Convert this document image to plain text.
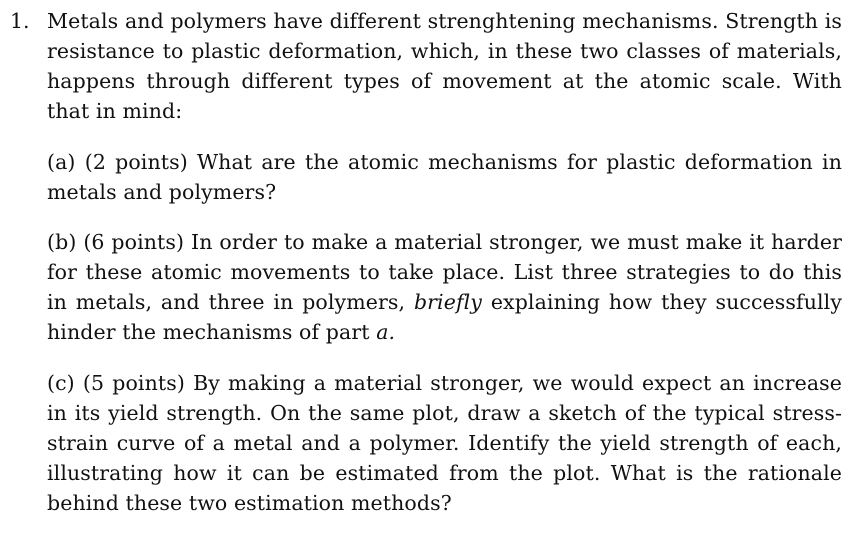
1. Metals and polymers have different strenghtening mechanisms. Strength is resistance to plastic deformation, which, in these two classes of materials, happens through different types of movement at the atomic scale. With that in mind:

(a) (2 points) What are the atomic mechanisms for plastic deformation in metals and polymers?

(b) (6 points) In order to make a material stronger, we must make it harder for these atomic movements to take place. List three strategies to do this in metals, and three in polymers, briefly explaining how they successfully hinder the mechanisms of part a.

(c) (5 points) By making a material stronger, we would expect an increase in its yield strength. On the same plot, draw a sketch of the typical stress-strain curve of a metal and a polymer. Identify the yield strength of each, illustrating how it can be estimated from the plot. What is the rationale behind these two estimation methods?
